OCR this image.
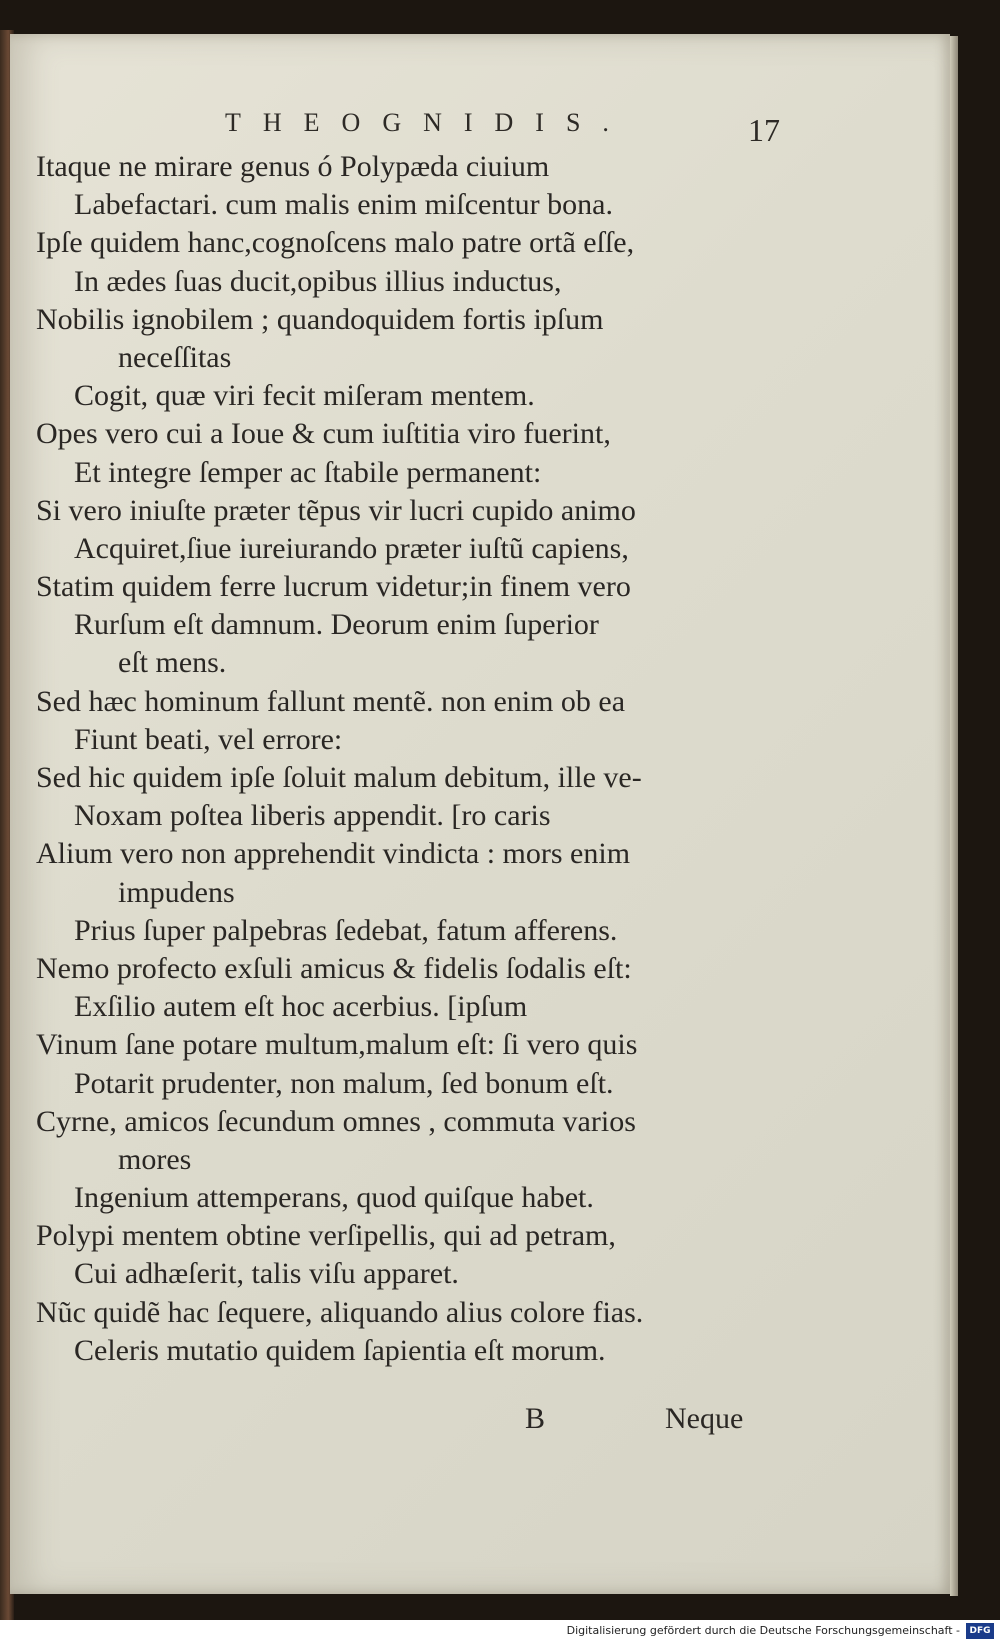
THEOGNIDIS.	17
Itaque ne mirare genus ó Polypæda ciuium
Labefactari. cum malis enim miſcentur bona.
Ipſe quidem hanc,cognoſcens malo patre ortã eſſe,
In ædes ſuas ducit,opibus illius inductus,
Nobilis ignobilem ; quandoquidem fortis ipſum
neceſſitas
Cogit, quæ viri fecit miſeram mentem.
Opes vero cui a Ioue & cum iuſtitia viro fuerint,
Et integre ſemper ac ſtabile permanent:
Si vero iniuſte præter tẽpus vir lucri cupido animo
Acquiret,ſiue iureiurando præter iuſtũ capiens,
Statim quidem ferre lucrum videtur;in finem vero
Rurſum eſt damnum. Deorum enim ſuperior
eſt mens.
Sed hæc hominum fallunt mentẽ. non enim ob ea
Fiunt beati, vel errore:
Sed hic quidem ipſe ſoluit malum debitum, ille ve-
Noxam poſtea liberis appendit. [ro caris
Alium vero non apprehendit vindicta : mors enim
impudens
Prius ſuper palpebras ſedebat, fatum afferens.
Nemo profecto exſuli amicus & fidelis ſodalis eſt:
Exſilio autem eſt hoc acerbius. [ipſum
Vinum ſane potare multum,malum eſt: ſi vero quis
Potarit prudenter, non malum, ſed bonum eſt.
Cyrne, amicos ſecundum omnes , commuta varios
mores
Ingenium attemperans, quod quiſque habet.
Polypi mentem obtine verſipellis, qui ad petram,
Cui adhæſerit, talis viſu apparet.
Nũc quidẽ hac ſequere, aliquando alius colore fias.
Celeris mutatio quidem ſapientia eſt morum.
B	Neque
Digitalisierung gefördert durch die Deutsche Forschungsgemeinschaft -	DFG
